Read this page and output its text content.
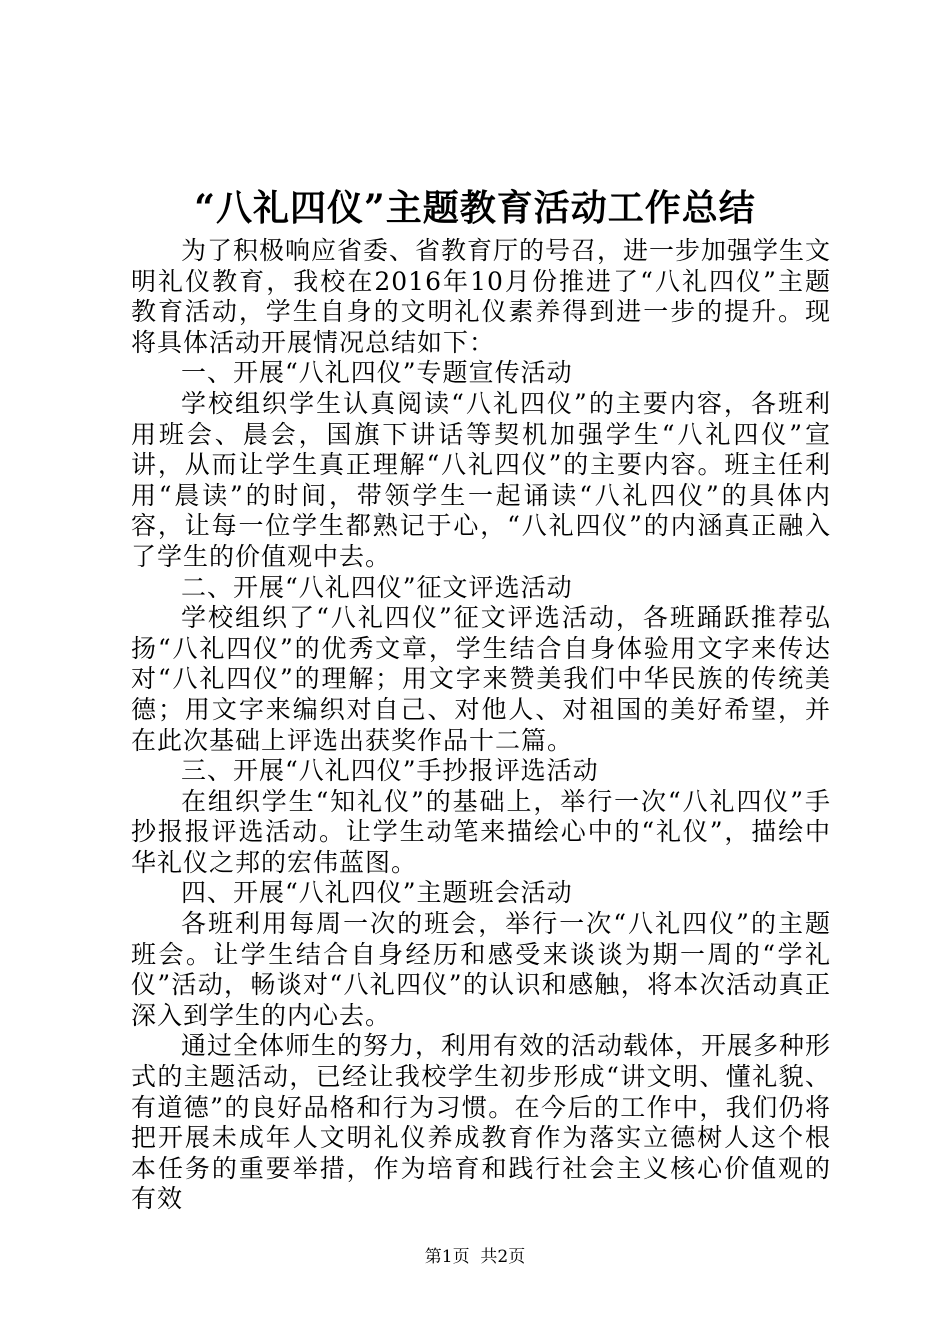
“八礼四仪”主题教育活动工作总结

为了积极响应省委、省教育厅的号召，进一步加强学生文明礼仪教育，我校在2016年10月份推进了“八礼四仪”主题教育活动，学生自身的文明礼仪素养得到进一步的提升。现将具体活动开展情况总结如下：

一、开展“八礼四仪”专题宣传活动

学校组织学生认真阅读“八礼四仪”的主要内容，各班利用班会、晨会，国旗下讲话等契机加强学生“八礼四仪”宣讲，从而让学生真正理解“八礼四仪”的主要内容。班主任利用“晨读”的时间，带领学生一起诵读“八礼四仪”的具体内容，让每一位学生都熟记于心，“八礼四仪”的内涵真正融入了学生的价值观中去。

二、开展“八礼四仪”征文评选活动

学校组织了“八礼四仪”征文评选活动，各班踊跃推荐弘扬“八礼四仪”的优秀文章，学生结合自身体验用文字来传达对“八礼四仪”的理解；用文字来赞美我们中华民族的传统美德；用文字来编织对自己、对他人、对祖国的美好希望，并在此次基础上评选出获奖作品十二篇。

三、开展“八礼四仪”手抄报评选活动

在组织学生“知礼仪”的基础上，举行一次“八礼四仪”手抄报报评选活动。让学生动笔来描绘心中的“礼仪”，描绘中华礼仪之邦的宏伟蓝图。

四、开展“八礼四仪”主题班会活动

各班利用每周一次的班会，举行一次“八礼四仪”的主题班会。让学生结合自身经历和感受来谈谈为期一周的“学礼仪”活动，畅谈对“八礼四仪”的认识和感触，将本次活动真正深入到学生的内心去。

通过全体师生的努力，利用有效的活动载体，开展多种形式的主题活动，已经让我校学生初步形成“讲文明、懂礼貌、有道德”的良好品格和行为习惯。在今后的工作中，我们仍将把开展未成年人文明礼仪养成教育作为落实立德树人这个根本任务的重要举措，作为培育和践行社会主义核心价值观的有效

第1页  共2页
